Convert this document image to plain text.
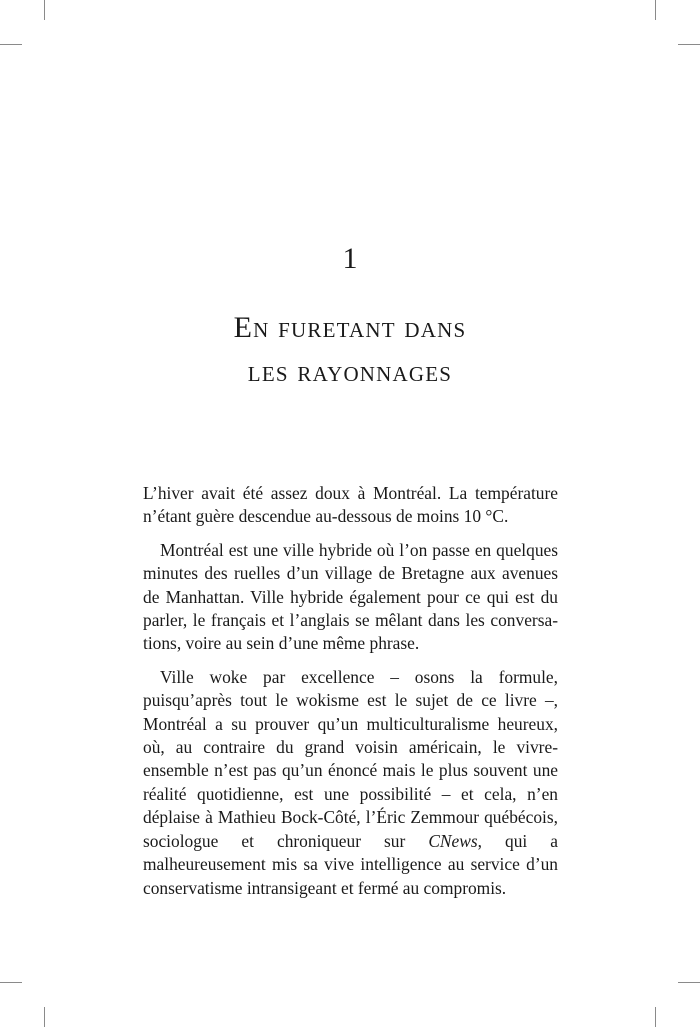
1
En furetant dans
les rayonnages

L’hiver avait été assez doux à Montréal. La température n’étant guère descendue au-dessous de moins 10 °C.

Montréal est une ville hybride où l’on passe en quelques minutes des ruelles d’un village de Bretagne aux avenues de Manhattan. Ville hybride également pour ce qui est du parler, le français et l’anglais se mêlant dans les conversations, voire au sein d’une même phrase.

Ville woke par excellence – osons la formule, puisqu’après tout le wokisme est le sujet de ce livre –, Montréal a su prouver qu’un multiculturalisme heureux, où, au contraire du grand voisin américain, le vivre-ensemble n’est pas qu’un énoncé mais le plus souvent une réalité quotidienne, est une possibilité – et cela, n’en déplaise à Mathieu Bock-Côté, l’Éric Zemmour québécois, sociologue et chroniqueur sur CNews, qui a malheureusement mis sa vive intelligence au service d’un conservatisme intransigeant et fermé au compromis.
